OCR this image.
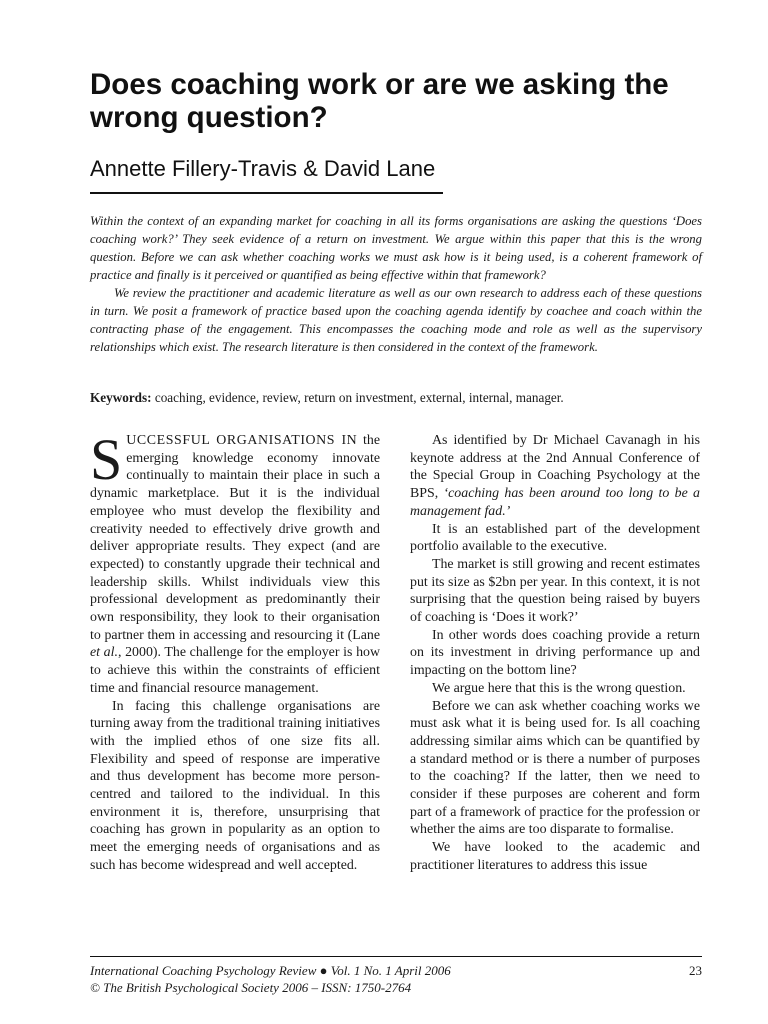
Does coaching work or are we asking the wrong question?
Annette Fillery-Travis & David Lane

Within the context of an expanding market for coaching in all its forms organisations are asking the questions ‘Does coaching work?’ They seek evidence of a return on investment. We argue within this paper that this is the wrong question. Before we can ask whether coaching works we must ask how is it being used, is a coherent framework of practice and finally is it perceived or quantified as being effective within that framework?

We review the practitioner and academic literature as well as our own research to address each of these questions in turn. We posit a framework of practice based upon the coaching agenda identify by coachee and coach within the contracting phase of the engagement. This encompasses the coaching mode and role as well as the supervisory relationships which exist. The research literature is then considered in the context of the framework.

Keywords: coaching, evidence, review, return on investment, external, internal, manager.

SUCCESSFUL ORGANISATIONS IN the emerging knowledge economy innovate continually to maintain their place in such a dynamic marketplace. But it is the individual employee who must develop the flexibility and creativity needed to effectively drive growth and deliver appropriate results. They expect (and are expected) to constantly upgrade their technical and leadership skills. Whilst individuals view this professional development as predominantly their own responsibility, they look to their organisation to partner them in accessing and resourcing it (Lane et al., 2000). The challenge for the employer is how to achieve this within the constraints of efficient time and financial resource management.

In facing this challenge organisations are turning away from the traditional training initiatives with the implied ethos of one size fits all. Flexibility and speed of response are imperative and thus development has become more person-centred and tailored to the individual. In this environment it is, therefore, unsurprising that coaching has grown in popularity as an option to meet the emerging needs of organisations and as such has become widespread and well accepted.

As identified by Dr Michael Cavanagh in his keynote address at the 2nd Annual Conference of the Special Group in Coaching Psychology at the BPS, ‘coaching has been around too long to be a management fad.’

It is an established part of the development portfolio available to the executive.

The market is still growing and recent estimates put its size as $2bn per year. In this context, it is not surprising that the question being raised by buyers of coaching is ‘Does it work?’

In other words does coaching provide a return on its investment in driving performance up and impacting on the bottom line?

We argue here that this is the wrong question.

Before we can ask whether coaching works we must ask what it is being used for. Is all coaching addressing similar aims which can be quantified by a standard method or is there a number of purposes to the coaching? If the latter, then we need to consider if these purposes are coherent and form part of a framework of practice for the profession or whether the aims are too disparate to formalise.

We have looked to the academic and practitioner literatures to address this issue

International Coaching Psychology Review ● Vol. 1 No. 1 April 2006
© The British Psychological Society 2006 – ISSN: 1750-2764
23
